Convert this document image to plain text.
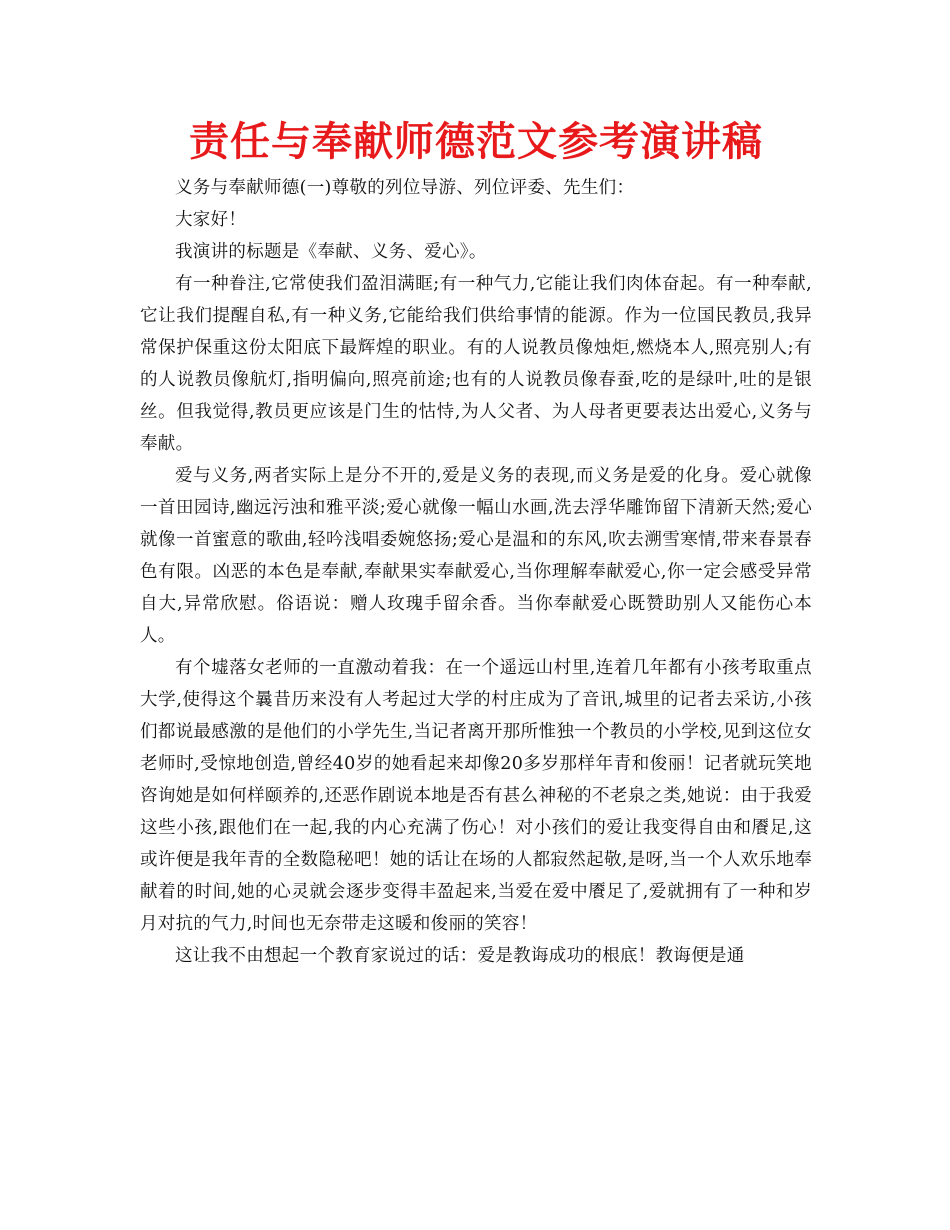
责任与奉献师德范文参考演讲稿

义务与奉献师德(一)尊敬的列位导游、列位评委、先生们：

大家好！

我演讲的标题是《奉献、义务、爱心》。

有一种眷注,它常使我们盈泪满眶;有一种气力,它能让我们肉体奋起。有一种奉献,它让我们提醒自私,有一种义务,它能给我们供给事情的能源。作为一位国民教员,我异常保护保重这份太阳底下最辉煌的职业。有的人说教员像烛炬,燃烧本人,照亮别人;有的人说教员像航灯,指明偏向,照亮前途;也有的人说教员像春蚕,吃的是绿叶,吐的是银丝。但我觉得,教员更应该是门生的怙恃,为人父者、为人母者更要表达出爱心,义务与奉献。

爱与义务,两者实际上是分不开的,爱是义务的表现,而义务是爱的化身。爱心就像一首田园诗,幽远污浊和雅平淡;爱心就像一幅山水画,洗去浮华雕饰留下清新天然;爱心就像一首蜜意的歌曲,轻吟浅唱委婉悠扬;爱心是温和的东风,吹去溯雪寒情,带来春景春色有限。凶恶的本色是奉献,奉献果实奉献爱心,当你理解奉献爱心,你一定会感受异常自大,异常欣慰。俗语说：赠人玫瑰手留余香。当你奉献爱心既赞助别人又能伤心本人。

有个墟落女老师的一直激动着我：在一个遥远山村里,连着几年都有小孩考取重点大学,使得这个曩昔历来没有人考起过大学的村庄成为了音讯,城里的记者去采访,小孩们都说最感激的是他们的小学先生,当记者离开那所惟独一个教员的小学校,见到这位女老师时,受惊地创造,曾经40岁的她看起来却像20多岁那样年青和俊丽！记者就玩笑地咨询她是如何样颐养的,还恶作剧说本地是否有甚么神秘的不老泉之类,她说：由于我爱这些小孩,跟他们在一起,我的内心充满了伤心！对小孩们的爱让我变得自由和餍足,这或许便是我年青的全数隐秘吧！她的话让在场的人都寂然起敬,是呀,当一个人欢乐地奉献着的时间,她的心灵就会逐步变得丰盈起来,当爱在爱中餍足了,爱就拥有了一种和岁月对抗的气力,时间也无奈带走这暖和俊丽的笑容！

这让我不由想起一个教育家说过的话：爱是教诲成功的根底！教诲便是通
